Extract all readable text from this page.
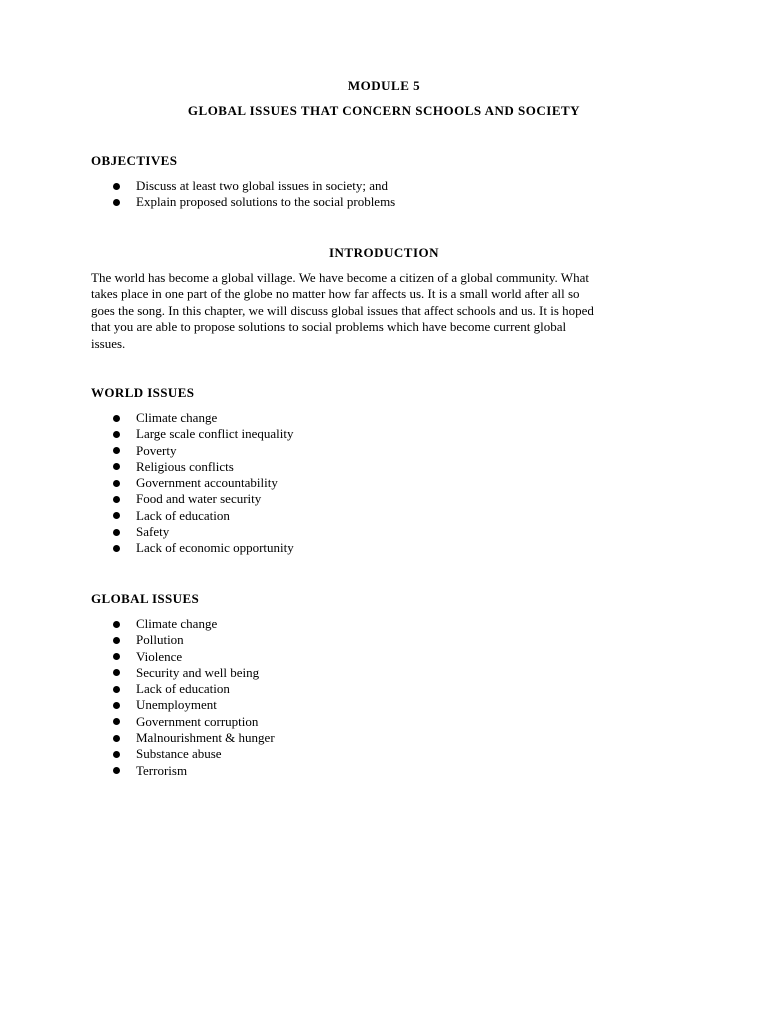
MODULE 5
GLOBAL ISSUES THAT CONCERN SCHOOLS AND SOCIETY
OBJECTIVES
Discuss at least two global issues in society; and
Explain proposed solutions to the social problems
INTRODUCTION

The world has become a global village. We have become a citizen of a global community. What
takes place in one part of the globe no matter how far affects us. It is a small world after all so
goes the song. In this chapter, we will discuss global issues that affect schools and us. It is hoped
that you are able to propose solutions to social problems which have become current global
issues.

WORLD ISSUES
Climate change
Large scale conflict inequality
Poverty
Religious conflicts
Government accountability
Food and water security
Lack of education
Safety
Lack of economic opportunity
GLOBAL ISSUES
Climate change
Pollution
Violence
Security and well being
Lack of education
Unemployment
Government corruption
Malnourishment & hunger
Substance abuse
Terrorism
